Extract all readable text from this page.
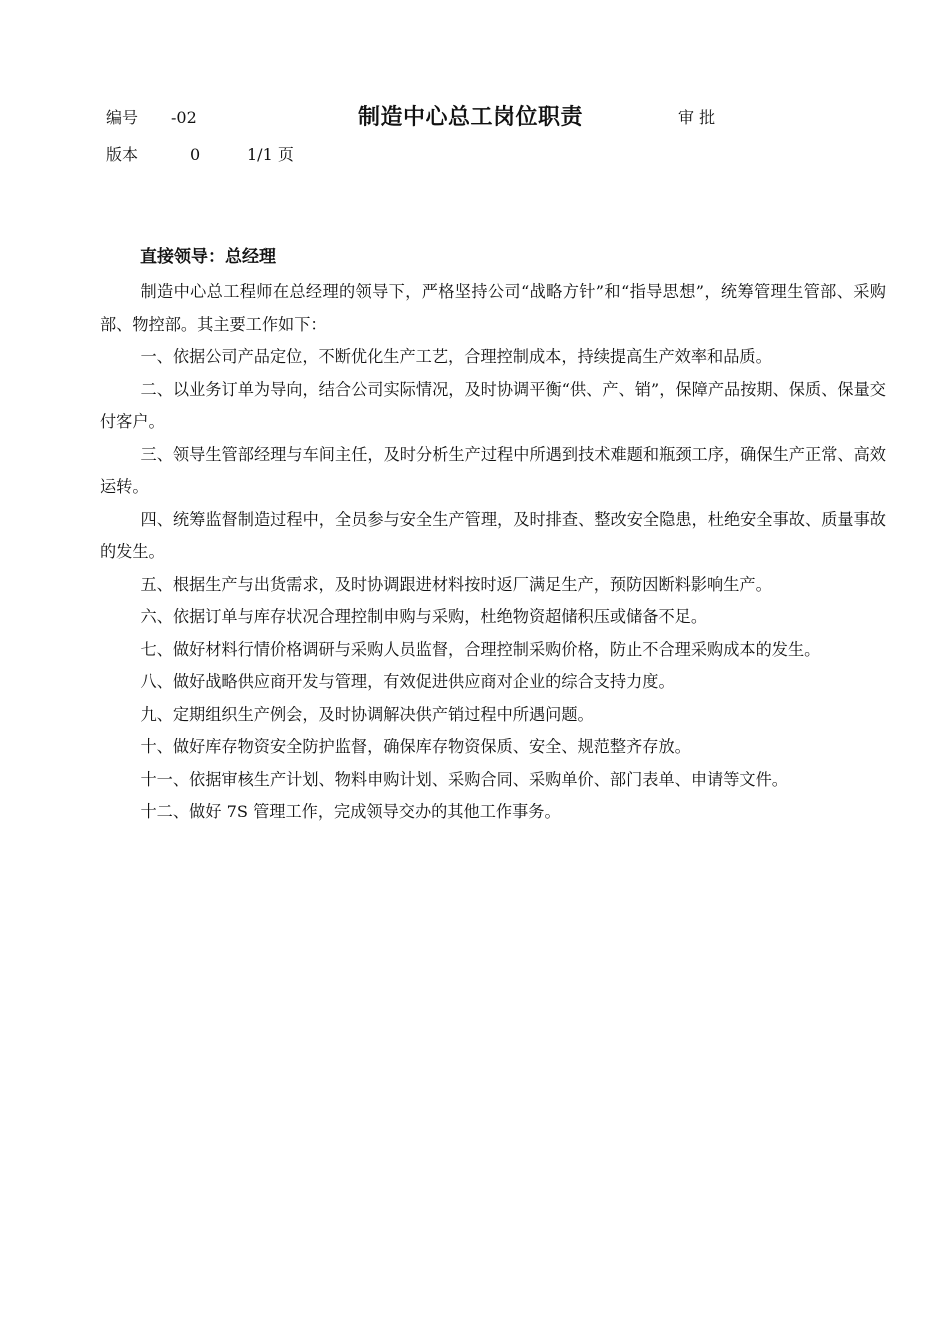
编号 -02	制造中心总工岗位职责	审 批
版本	0	1/1 页
直接领导：总经理

制造中心总工程师在总经理的领导下，严格坚持公司“战略方针”和“指导思想”，统筹管理生管部、采购部、物控部。其主要工作如下：

一、依据公司产品定位，不断优化生产工艺，合理控制成本，持续提高生产效率和品质。

二、以业务订单为导向，结合公司实际情况，及时协调平衡“供、产、销”，保障产品按期、保质、保量交付客户。

三、领导生管部经理与车间主任，及时分析生产过程中所遇到技术难题和瓶颈工序，确保生产正常、高效运转。

四、统筹监督制造过程中，全员参与安全生产管理，及时排查、整改安全隐患，杜绝安全事故、质量事故的发生。

五、根据生产与出货需求，及时协调跟进材料按时返厂满足生产，预防因断料影响生产。

六、依据订单与库存状况合理控制申购与采购，杜绝物资超储积压或储备不足。

七、做好材料行情价格调研与采购人员监督，合理控制采购价格，防止不合理采购成本的发生。

八、做好战略供应商开发与管理，有效促进供应商对企业的综合支持力度。

九、定期组织生产例会，及时协调解决供产销过程中所遇问题。

十、做好库存物资安全防护监督，确保库存物资保质、安全、规范整齐存放。

十一、依据审核生产计划、物料申购计划、采购合同、采购单价、部门表单、申请等文件。

十二、做好 7S 管理工作，完成领导交办的其他工作事务。
